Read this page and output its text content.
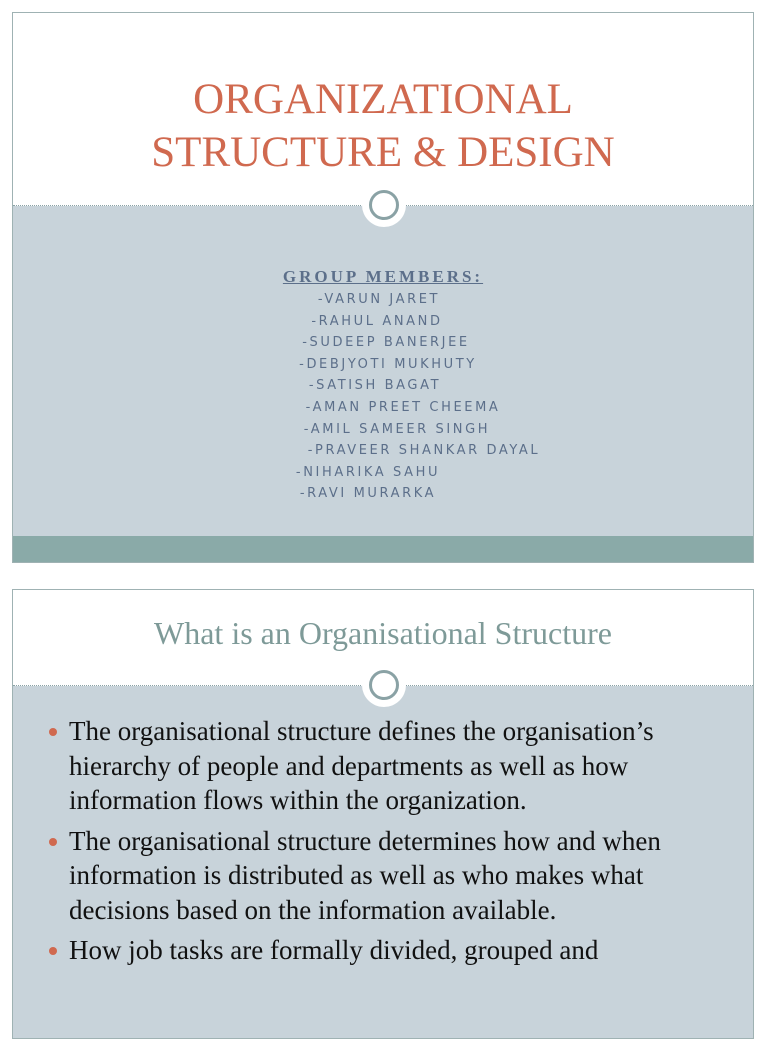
ORGANIZATIONAL
STRUCTURE & DESIGN

GROUP MEMBERS:

-VARUN JARET

-RAHUL ANAND

-SUDEEP BANERJEE

-DEBJYOTI MUKHUTY

-SATISH BAGAT

-AMAN PREET CHEEMA

-AMIL SAMEER SINGH

-PRAVEER SHANKAR DAYAL

-NIHARIKA SAHU

-RAVI MURARKA

What is an Organisational Structure
The organisational structure defines the organisation’s hierarchy of people and departments as well as how information flows within the organization.
The organisational structure determines how and when information is distributed as well as who makes what decisions based on the information available.
How job tasks are formally divided, grouped and
